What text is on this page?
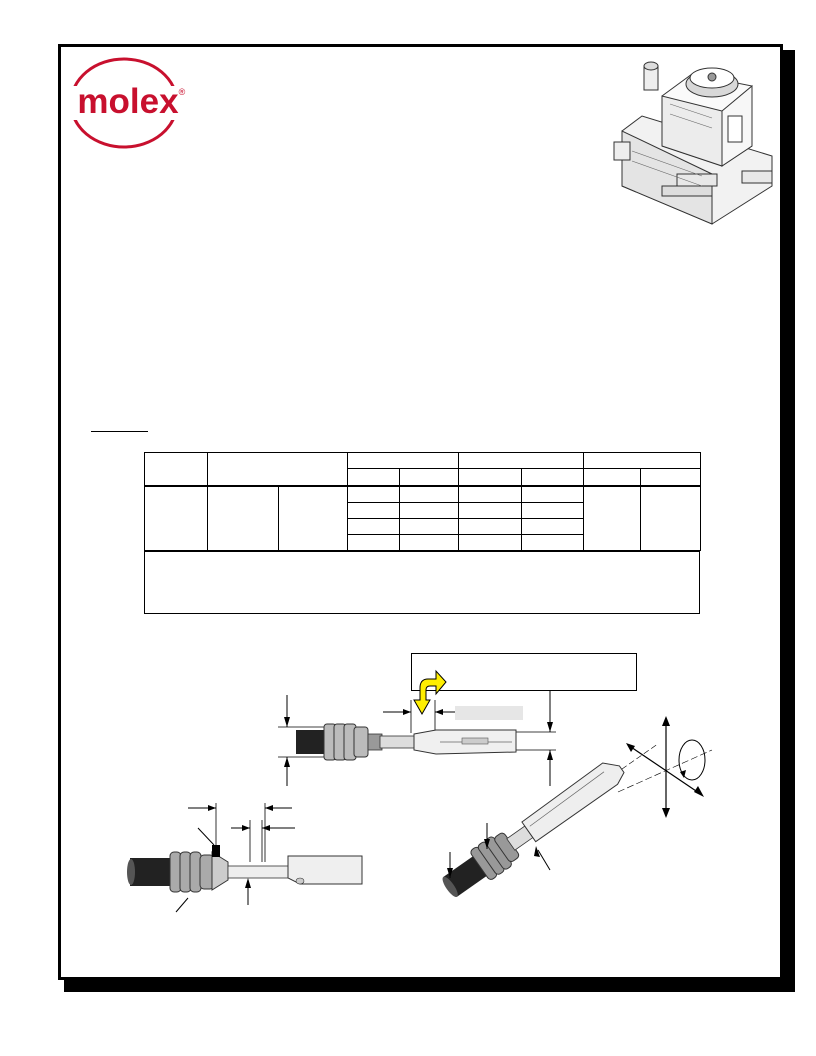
molex ®
